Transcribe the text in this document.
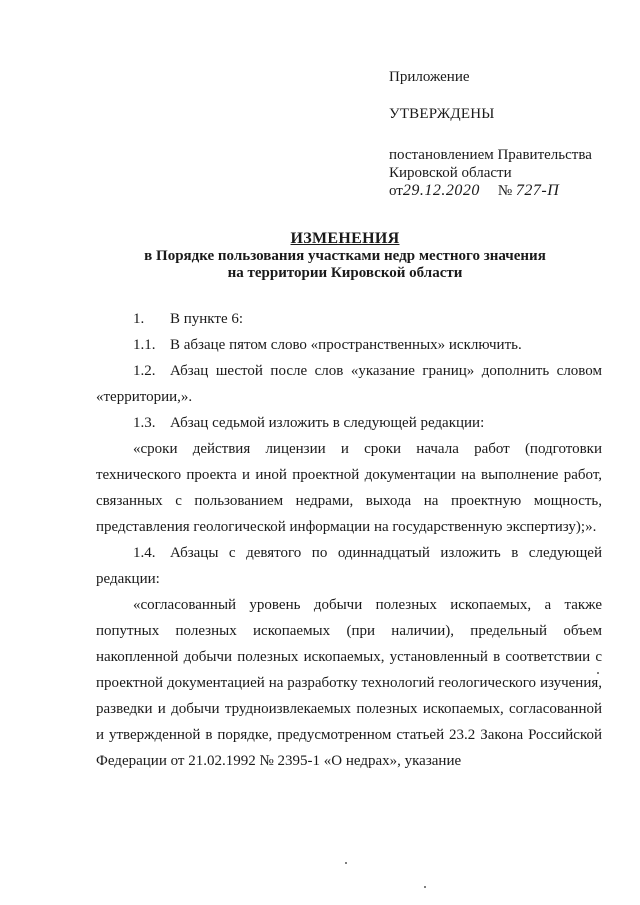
Приложение
УТВЕРЖДЕНЫ
постановлением Правительства
Кировской области
от29.12.2020 № 727-П
ИЗМЕНЕНИЯ
в Порядке пользования участками недр местного значения
на территории Кировской области
1.	В пункте 6:
1.1. В абзаце пятом слово «пространственных» исключить.
1.2. Абзац шестой после слов «указание границ» дополнить словом

«территории,».

1.3. Абзац седьмой изложить в следующей редакции:

«сроки действия лицензии и сроки начала работ (подготовки технического проекта и иной проектной документации на выполнение работ, связанных с пользованием недрами, выхода на проектную мощность, представления геологической информации на государственную экспертизу);».

1.4. Абзацы с девятого по одиннадцатый изложить в следующей

редакции:

«согласованный уровень добычи полезных ископаемых, а также попутных полезных ископаемых (при наличии), предельный объем накопленной добычи полезных ископаемых, установленный в соответствии с проектной документацией на разработку технологий геологического изучения, разведки и добычи трудноизвлекаемых полезных ископаемых, согласованной и утвержденной в порядке, предусмотренном статьей 23.2 Закона Российской Федерации от 21.02.1992 № 2395-1 «О недрах», указание
